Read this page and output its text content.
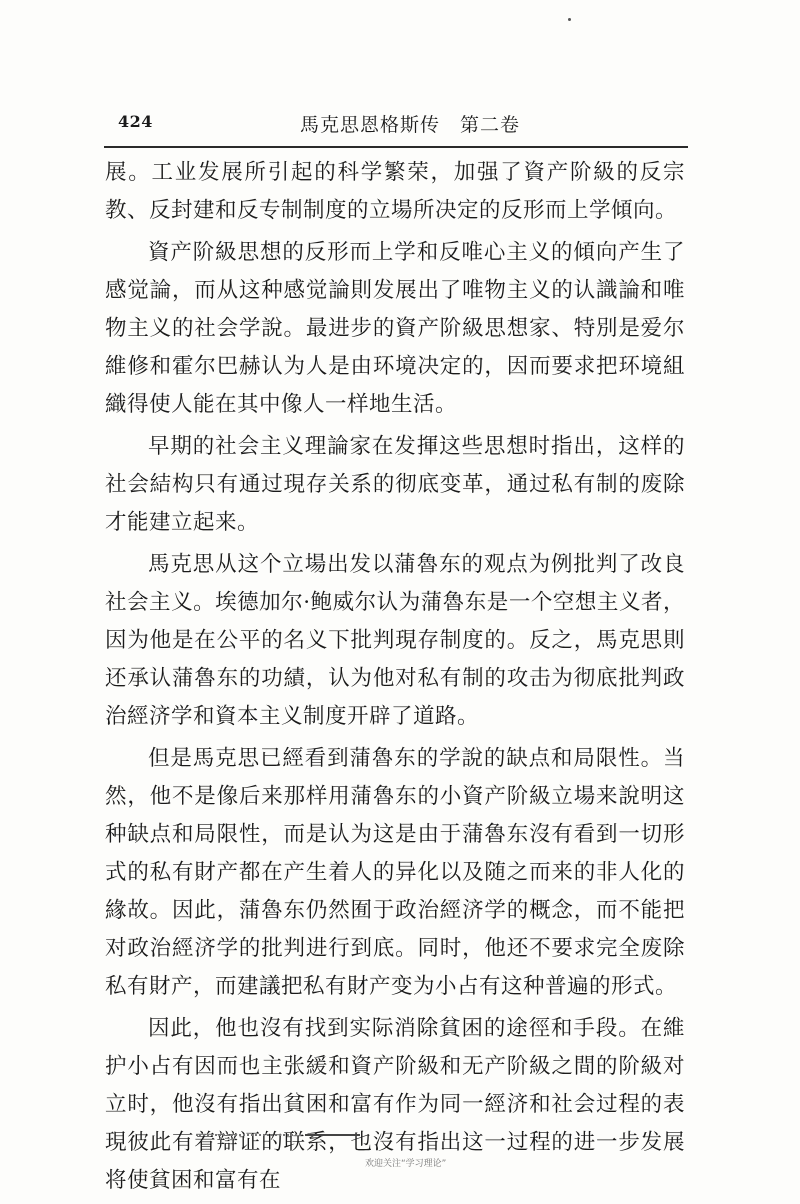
424	馬克思恩格斯传　第二卷

展。工业发展所引起的科学繁荣，加强了資产阶級的反宗教、反封建和反专制制度的立場所决定的反形而上学傾向。

資产阶級思想的反形而上学和反唯心主义的傾向产生了感觉論，而从这种感觉論則发展出了唯物主义的认識論和唯物主义的社会学說。最进步的資产阶級思想家、特別是爱尔維修和霍尔巴赫认为人是由环境决定的，因而要求把环境組織得使人能在其中像人一样地生活。

早期的社会主义理論家在发揮这些思想时指出，这样的社会結构只有通过現存关系的彻底变革，通过私有制的废除才能建立起来。

馬克思从这个立場出发以蒲魯东的观点为例批判了改良社会主义。埃德加尔·鲍威尔认为蒲魯东是一个空想主义者，因为他是在公平的名义下批判現存制度的。反之，馬克思則还承认蒲魯东的功績，认为他对私有制的攻击为彻底批判政治經济学和資本主义制度开辟了道路。

但是馬克思已經看到蒲魯东的学說的缺点和局限性。当然，他不是像后来那样用蒲魯东的小資产阶級立場来說明这种缺点和局限性，而是认为这是由于蒲魯东沒有看到一切形式的私有財产都在产生着人的异化以及随之而来的非人化的緣故。因此，蒲魯东仍然囿于政治經济学的概念，而不能把对政治經济学的批判进行到底。同时，他还不要求完全废除私有財产，而建議把私有財产变为小占有这种普遍的形式。

因此，他也沒有找到实际消除貧困的途徑和手段。在維护小占有因而也主张緩和資产阶級和无产阶級之間的阶級对立时，他沒有指出貧困和富有作为同一經济和社会过程的表現彼此有着辯证的联系，也沒有指出这一过程的进一步发展将使貧困和富有在

欢迎关注“学习理论”
